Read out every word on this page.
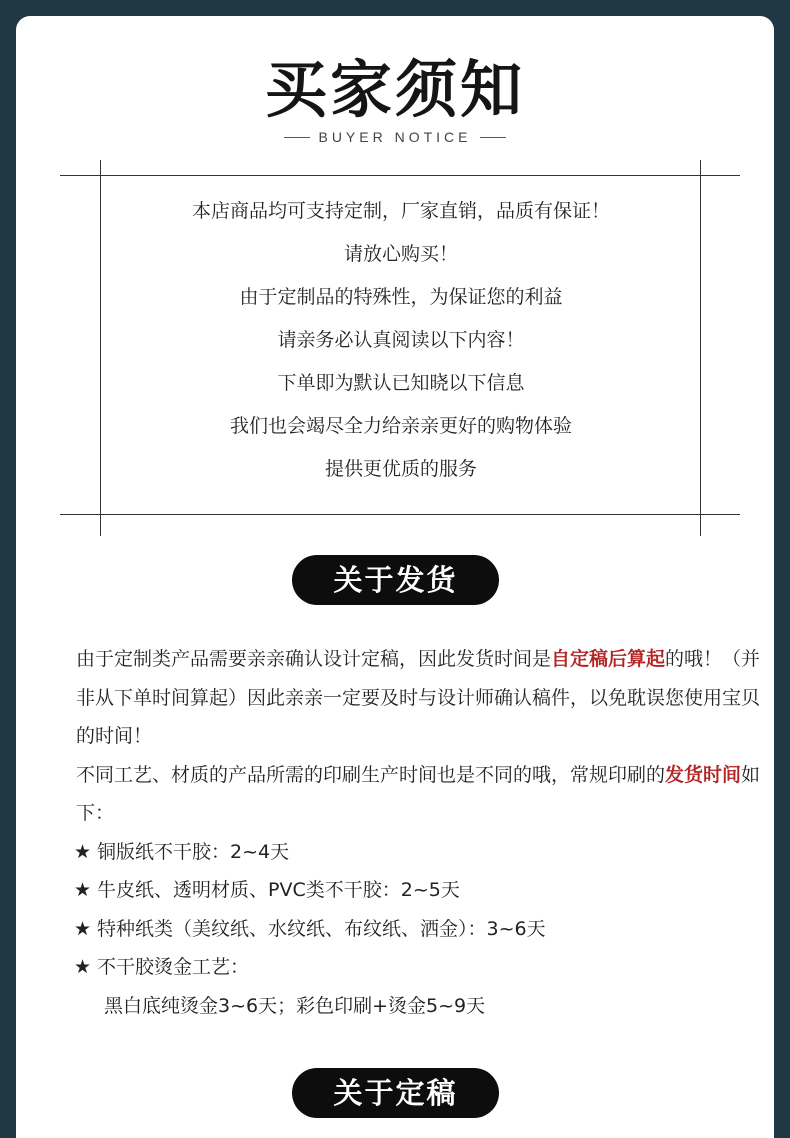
买家须知
BUYER NOTICE
本店商品均可支持定制，厂家直销，品质有保证！
请放心购买！
由于定制品的特殊性，为保证您的利益
请亲务必认真阅读以下内容！
下单即为默认已知晓以下信息
我们也会竭尽全力给亲亲更好的购物体验
提供更优质的服务
关于发货
由于定制类产品需要亲亲确认设计定稿，因此发货时间是自定稿后算起的哦！（并非从下单时间算起）因此亲亲一定要及时与设计师确认稿件，以免耽误您使用宝贝的时间！
不同工艺、材质的产品所需的印刷生产时间也是不同的哦，常规印刷的发货时间如下：
★ 铜版纸不干胶：2~4天
★ 牛皮纸、透明材质、PVC类不干胶：2~5天
★ 特种纸类（美纹纸、水纹纸、布纹纸、洒金）：3~6天
★ 不干胶烫金工艺：
黑白底纯烫金3~6天；彩色印刷+烫金5~9天
关于定稿
